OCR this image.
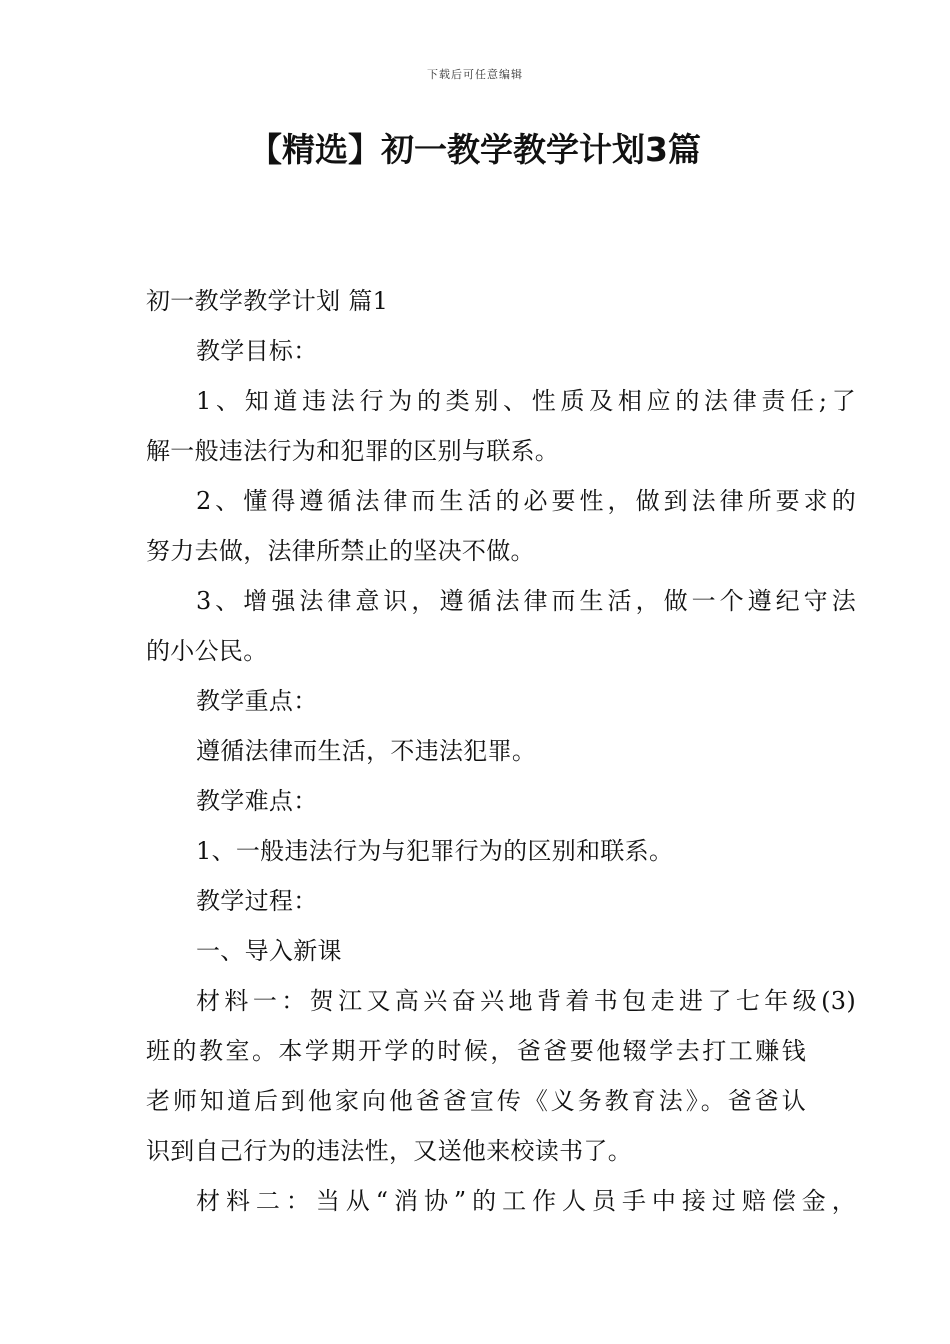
下载后可任意编辑
【精选】初一教学教学计划3篇

初一教学教学计划 篇1

教学目标：

1、知道违法行为的类别、性质及相应的法律责任;了

解一般违法行为和犯罪的区别与联系。

2、懂得遵循法律而生活的必要性，做到法律所要求的

努力去做，法律所禁止的坚决不做。

3、增强法律意识，遵循法律而生活，做一个遵纪守法

的小公民。

教学重点：

遵循法律而生活，不违法犯罪。

教学难点：

1、一般违法行为与犯罪行为的区别和联系。

教学过程：

一、导入新课

材料一：贺江又高兴奋兴地背着书包走进了七年级(3)

班的教室。本学期开学的时候，爸爸要他辍学去打工赚钱

老师知道后到他家向他爸爸宣传《义务教育法》。爸爸认

识到自己行为的违法性，又送他来校读书了。

材料二：当从“消协”的工作人员手中接过赔偿金，
